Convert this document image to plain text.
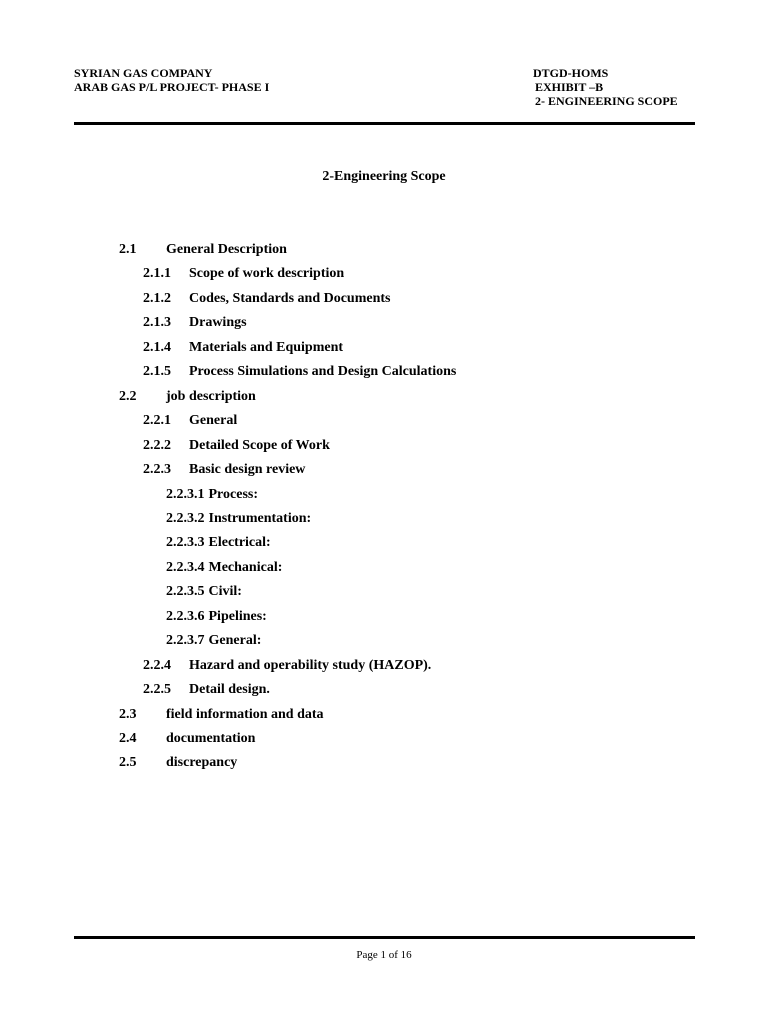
SYRIAN GAS COMPANY
ARAB GAS P/L PROJECT- PHASE I
DTGD-HOMS
EXHIBIT –B
2- ENGINEERING SCOPE
2-Engineering Scope
2.1 General Description
2.1.1 Scope of work description
2.1.2 Codes, Standards and Documents
2.1.3 Drawings
2.1.4 Materials and Equipment
2.1.5 Process Simulations and Design Calculations
2.2 job description
2.2.1 General
2.2.2 Detailed Scope of Work
2.2.3 Basic design review
2.2.3.1 Process:
2.2.3.2 Instrumentation:
2.2.3.3 Electrical:
2.2.3.4 Mechanical:
2.2.3.5 Civil:
2.2.3.6 Pipelines:
2.2.3.7 General:
2.2.4 Hazard and operability study (HAZOP).
2.2.5 Detail design.
2.3 field information and data
2.4 documentation
2.5 discrepancy
Page 1 of 16
